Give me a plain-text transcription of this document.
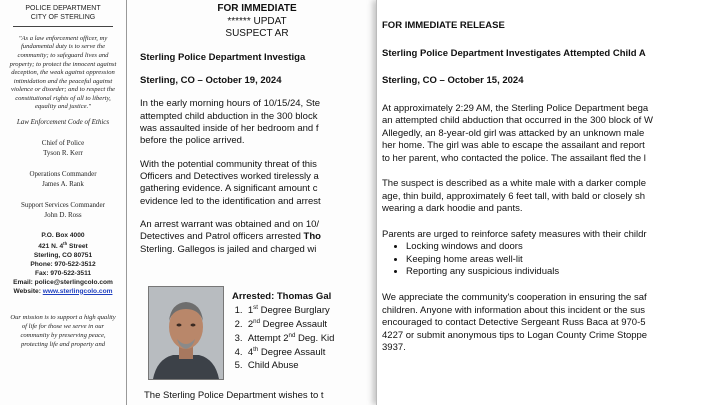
POLICE DEPARTMENT
CITY OF STERLING
"As a law enforcement officer, my fundamental duty is to serve the community; to safeguard lives and property; to protect the innocent against deception, the weak against oppression intimidation and the peaceful against violence or disorder; and to respect the constitutional rights of all to liberty, equality and justice."
Law Enforcement Code of Ethics
Chief of Police
Tyson R. Kerr
Operations Commander
James A. Rank
Support Services Commander
John D. Ross
P.O. Box 4000
421 N. 4th Street
Sterling, CO 80751
Phone: 970-522-3512
Fax: 970-522-3511
Email: police@sterlingcolo.com
Website: www.sterlingcolo.com
Our mission is to support a high quality of life for those we serve in our community by preserving peace, protecting life and property and
FOR IMMEDIATE
****** UPDAT
SUSPECT AR
Sterling Police Department Investiga
Sterling, CO – October 19, 2024
In the early morning hours of 10/15/24, Ste
attempted child abduction in the 300 block
was assaulted inside of her bedroom and f
before the police arrived.
With the potential community threat of this
Officers and Detectives worked tirelessly a
gathering evidence. A significant amount c
evidence led to the identification and arrest
An arrest warrant was obtained and on 10/
Detectives and Patrol officers arrested Tho
Sterling. Gallegos is jailed and charged wi
Arrested: Thomas Gal
1.  1st Degree Burglary
2.  2nd Degree Assault
3.  Attempt 2nd Deg. Kid
4.  4th Degree Assault
5.  Child Abuse
The Sterling Police Department wishes to t
FOR IMMEDIATE RELEASE
Sterling Police Department Investigates Attempted Child A
Sterling, CO – October 15, 2024
At approximately 2:29 AM, the Sterling Police Department bega
an attempted child abduction that occurred in the 300 block of W
Allegedly, an 8-year-old girl was attacked by an unknown male
her home. The girl was able to escape the assailant and report
to her parent, who contacted the police. The assailant fled the l
The suspect is described as a white male with a darker comple
age, thin build, approximately 6 feet tall, with bald or closely sh
wearing a dark hoodie and pants.
Parents are urged to reinforce safety measures with their childr
• Locking windows and doors
• Keeping home areas well-lit
• Reporting any suspicious individuals
We appreciate the community's cooperation in ensuring the saf
children. Anyone with information about this incident or the sus
encouraged to contact Detective Sergeant Russ Baca at 970-5
4227 or submit anonymous tips to Logan County Crime Stoppe
3937.
